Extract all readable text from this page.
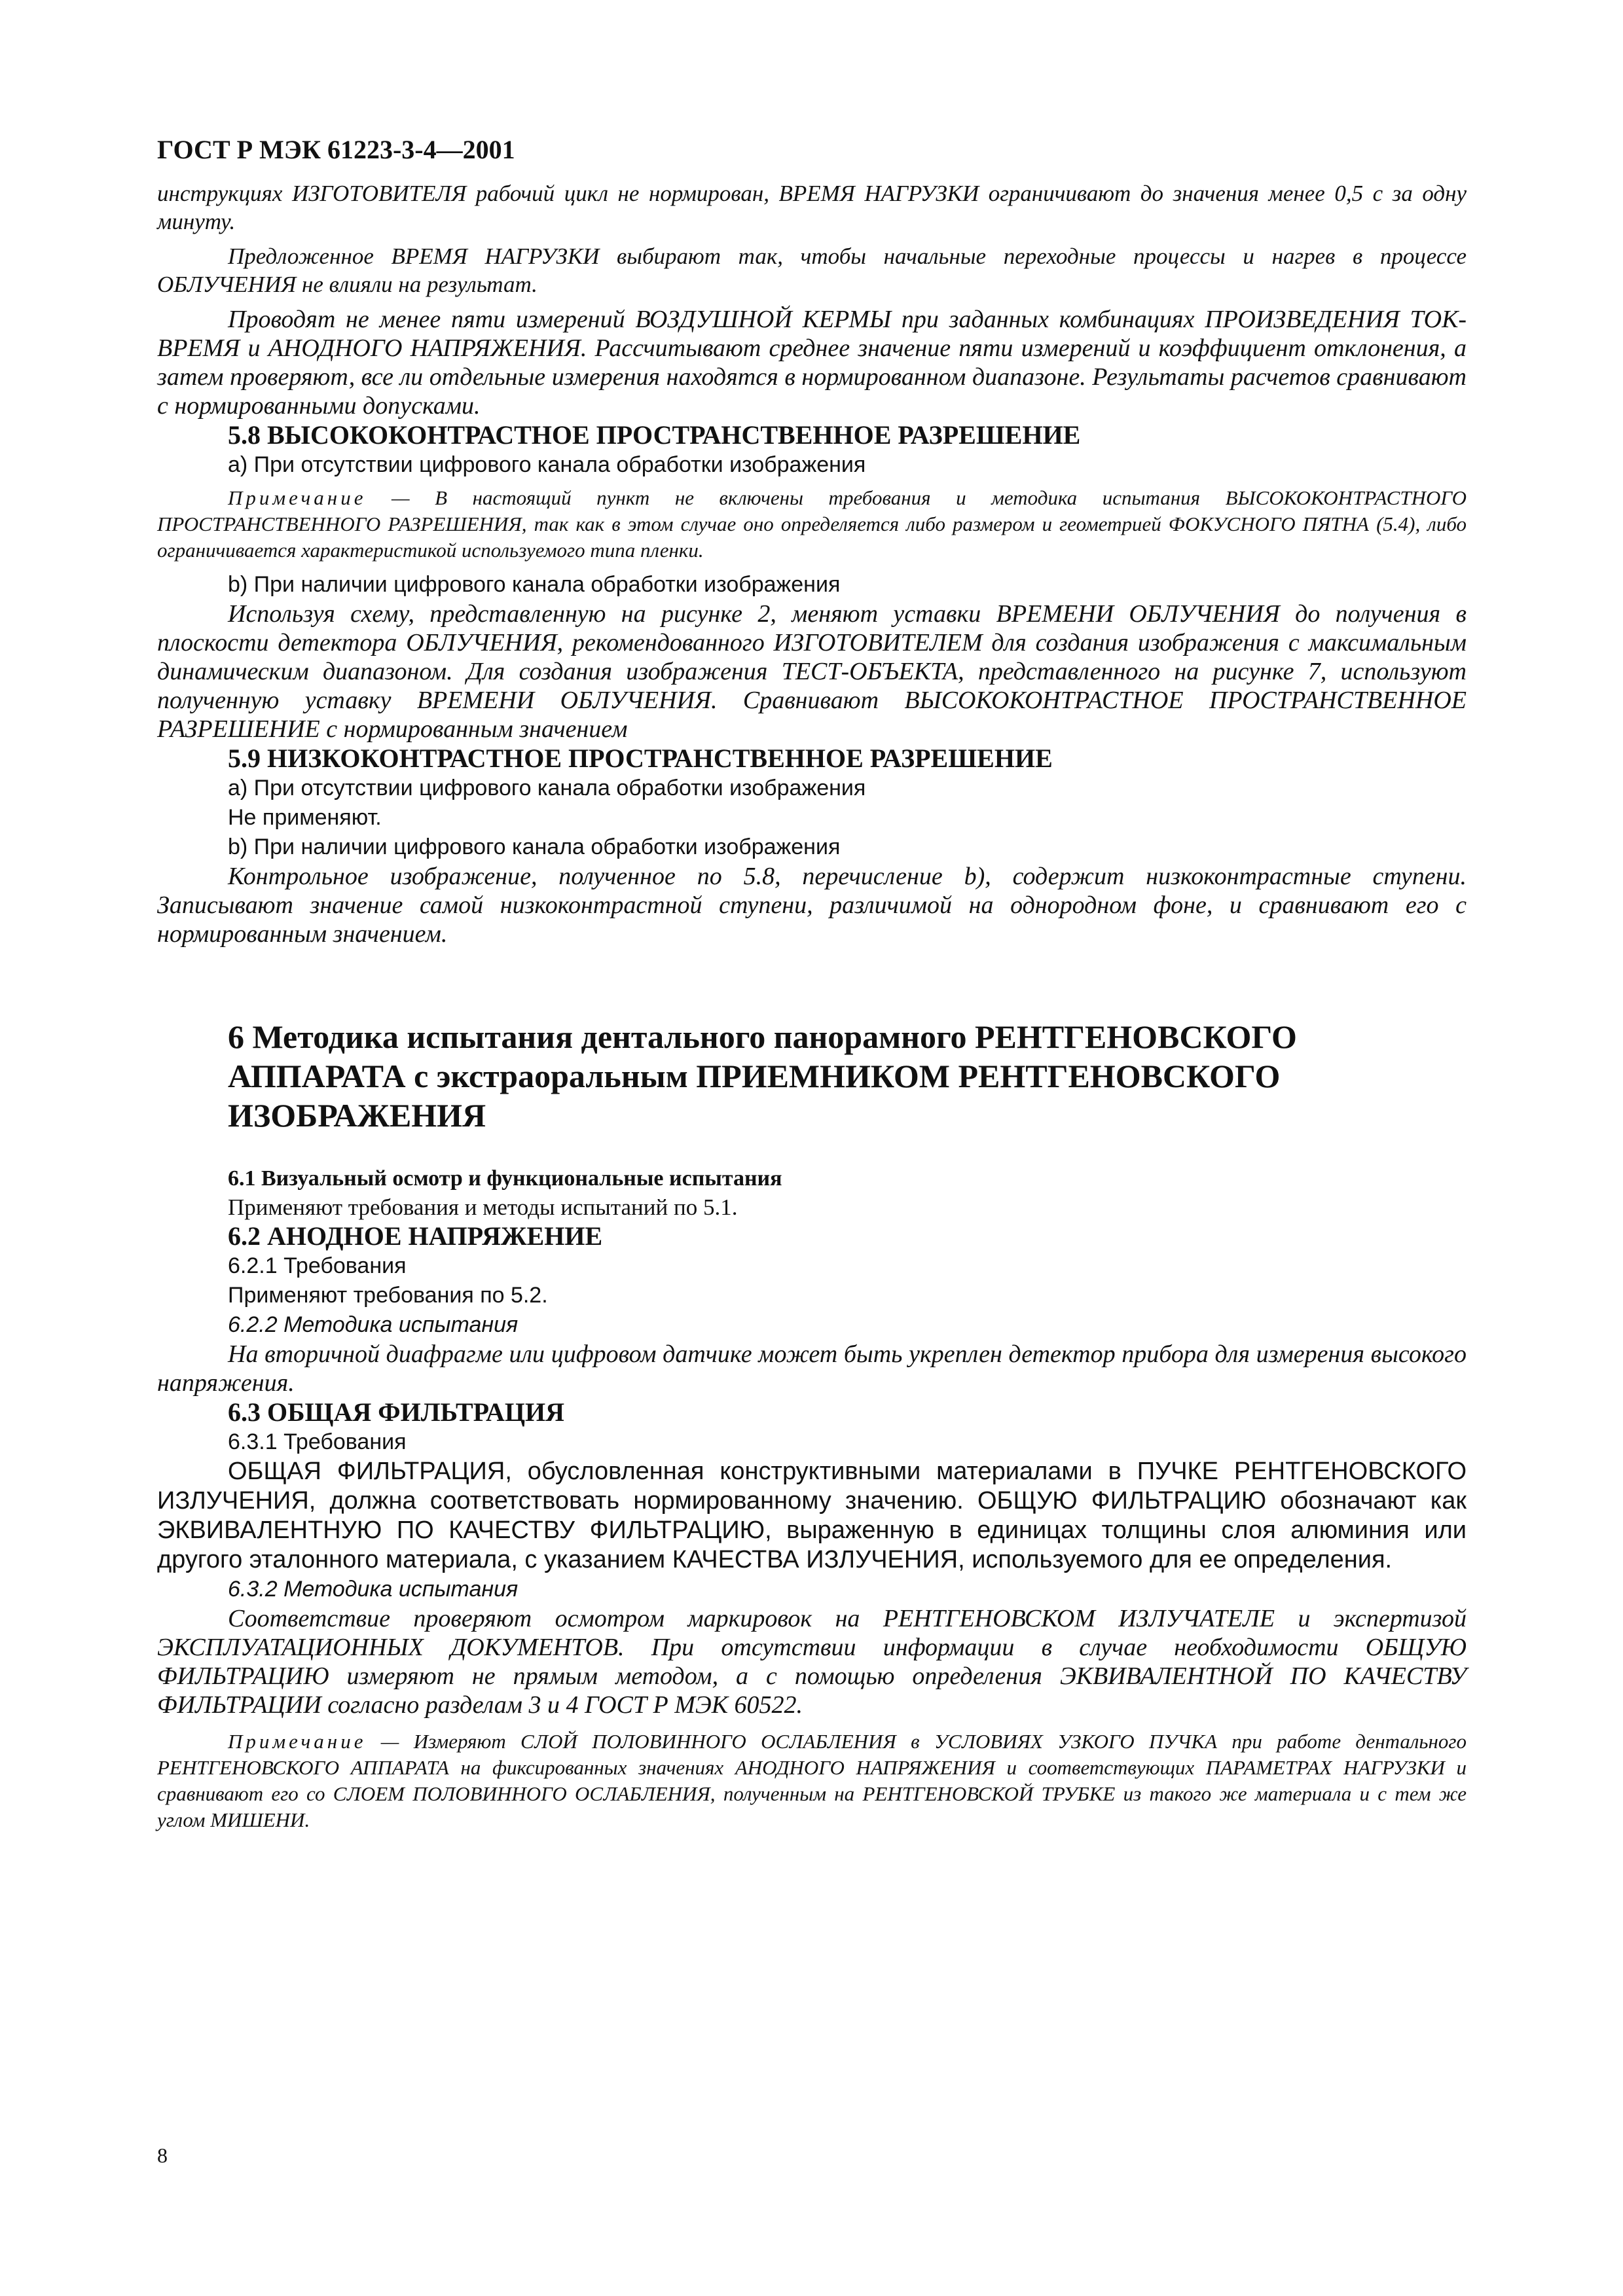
ГОСТ Р МЭК 61223-3-4—2001

инструкциях ИЗГОТОВИТЕЛЯ рабочий цикл не нормирован, ВРЕМЯ НАГРУЗКИ ограничивают до значения менее 0,5 с за одну минуту.

Предложенное ВРЕМЯ НАГРУЗКИ выбирают так, чтобы начальные переходные процессы и нагрев в процессе ОБЛУЧЕНИЯ не влияли на результат.

Проводят не менее пяти измерений ВОЗДУШНОЙ КЕРМЫ при заданных комбинациях ПРОИЗВЕДЕНИЯ ТОК-ВРЕМЯ и АНОДНОГО НАПРЯЖЕНИЯ. Рассчитывают среднее значение пяти измерений и коэффициент отклонения, а затем проверяют, все ли отдельные измерения находятся в нормированном диапазоне. Результаты расчетов сравнивают с нормированными допусками.

5.8 ВЫСОКОКОНТРАСТНОЕ ПРОСТРАНСТВЕННОЕ РАЗРЕШЕНИЕ
а) При отсутствии цифрового канала обработки изображения

Примечание — В настоящий пункт не включены требования и методика испытания ВЫСОКОКОНТРАСТНОГО ПРОСТРАНСТВЕННОГО РАЗРЕШЕНИЯ, так как в этом случае оно определяется либо размером и геометрией ФОКУСНОГО ПЯТНА (5.4), либо ограничивается характеристикой используемого типа пленки.

b) При наличии цифрового канала обработки изображения

Используя схему, представленную на рисунке 2, меняют уставки ВРЕМЕНИ ОБЛУЧЕНИЯ до получения в плоскости детектора ОБЛУЧЕНИЯ, рекомендованного ИЗГОТОВИТЕЛЕМ для создания изображения с максимальным динамическим диапазоном. Для создания изображения ТЕСТ-ОБЪЕКТА, представленного на рисунке 7, используют полученную уставку ВРЕМЕНИ ОБЛУЧЕНИЯ. Сравнивают ВЫСОКОКОНТРАСТНОЕ ПРОСТРАНСТВЕННОЕ РАЗРЕШЕНИЕ с нормированным значением

5.9 НИЗКОКОНТРАСТНОЕ ПРОСТРАНСТВЕННОЕ РАЗРЕШЕНИЕ
а) При отсутствии цифрового канала обработки изображения
Не применяют.
b) При наличии цифрового канала обработки изображения

Контрольное изображение, полученное по 5.8, перечисление b), содержит низкоконтрастные ступени. Записывают значение самой низкоконтрастной ступени, различимой на однородном фоне, и сравнивают его с нормированным значением.

6 Методика испытания дентального панорамного РЕНТГЕНОВСКОГО АППАРАТА с экстраоральным ПРИЕМНИКОМ РЕНТГЕНОВСКОГО ИЗОБРАЖЕНИЯ
6.1 Визуальный осмотр и функциональные испытания
Применяют требования и методы испытаний по 5.1.
6.2 АНОДНОЕ НАПРЯЖЕНИЕ
6.2.1 Требования
Применяют требования по 5.2.
6.2.2 Методика испытания

На вторичной диафрагме или цифровом датчике может быть укреплен детектор прибора для измерения высокого напряжения.

6.3 ОБЩАЯ ФИЛЬТРАЦИЯ
6.3.1 Требования

ОБЩАЯ ФИЛЬТРАЦИЯ, обусловленная конструктивными материалами в ПУЧКЕ РЕНТГЕНОВСКОГО ИЗЛУЧЕНИЯ, должна соответствовать нормированному значению. ОБЩУЮ ФИЛЬТРАЦИЮ обозначают как ЭКВИВАЛЕНТНУЮ ПО КАЧЕСТВУ ФИЛЬТРАЦИЮ, выраженную в единицах толщины слоя алюминия или другого эталонного материала, с указанием КАЧЕСТВА ИЗЛУЧЕНИЯ, используемого для ее определения.

6.3.2 Методика испытания

Соответствие проверяют осмотром маркировок на РЕНТГЕНОВСКОМ ИЗЛУЧАТЕЛЕ и экспертизой ЭКСПЛУАТАЦИОННЫХ ДОКУМЕНТОВ. При отсутствии информации в случае необходимости ОБЩУЮ ФИЛЬТРАЦИЮ измеряют не прямым методом, а с помощью определения ЭКВИВАЛЕНТНОЙ ПО КАЧЕСТВУ ФИЛЬТРАЦИИ согласно разделам 3 и 4 ГОСТ Р МЭК 60522.

Примечание — Измеряют СЛОЙ ПОЛОВИННОГО ОСЛАБЛЕНИЯ в УСЛОВИЯХ УЗКОГО ПУЧКА при работе дентального РЕНТГЕНОВСКОГО АППАРАТА на фиксированных значениях АНОДНОГО НАПРЯЖЕНИЯ и соответствующих ПАРАМЕТРАХ НАГРУЗКИ и сравнивают его со СЛОЕМ ПОЛОВИННОГО ОСЛАБЛЕНИЯ, полученным на РЕНТГЕНОВСКОЙ ТРУБКЕ из такого же материала и с тем же углом МИШЕНИ.

8
